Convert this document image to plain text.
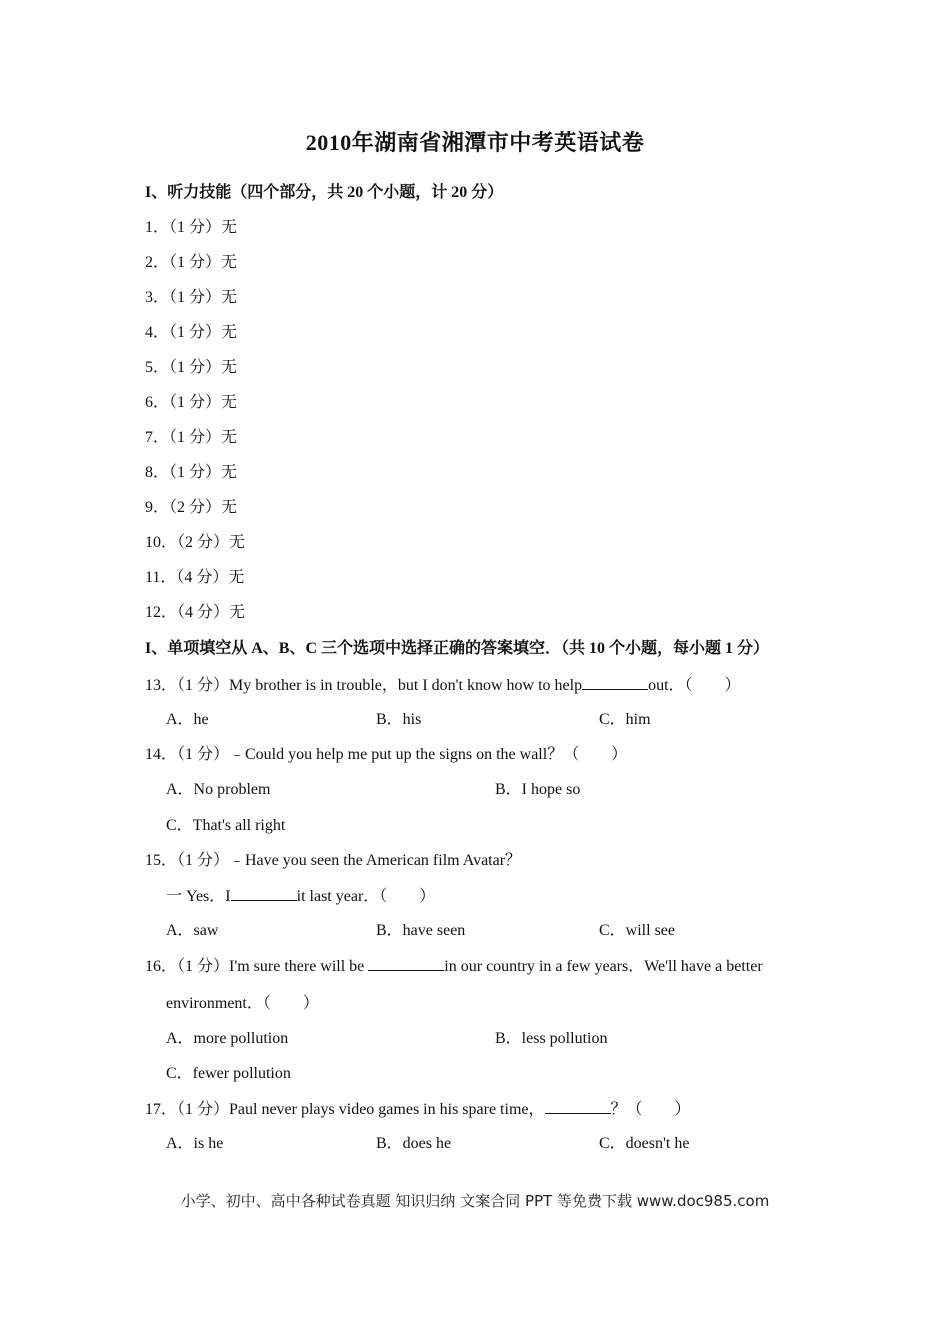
2010年湖南省湘潭市中考英语试卷
I、听力技能（四个部分，共 20 个小题，计 20 分）
1．（1 分）无
2．（1 分）无
3．（1 分）无
4．（1 分）无
5．（1 分）无
6．（1 分）无
7．（1 分）无
8．（1 分）无
9．（2 分）无
10．（2 分）无
11．（4 分）无
12．（4 分）无
I、单项填空从 A、B、C 三个选项中选择正确的答案填空．（共 10 个小题，每小题 1 分）
13．（1 分）My brother is in trouble，but I don't know how to help	out．（　　）
A．he	B．his	C．him
14．（1 分）﹣Could you help me put up the signs on the wall？（　　）
A．No problem	B．I hope so
C．That's all right
15．（1 分）﹣Have you seen the American film Avatar？
一 Yes．I	it last year．（　　）
A．saw	B．have seen	C．will see
16．（1 分）I'm sure there will be	in our country in a few years．We'll have a better
environment．（　　）
A．more pollution	B．less pollution
C．fewer pollution
17．（1 分）Paul never plays video games in his spare time，	？（　　）
A．is he	B．does he	C．doesn't he
小学、初中、高中各种试卷真题 知识归纳 文案合同 PPT 等免费下载 www.doc985.com
